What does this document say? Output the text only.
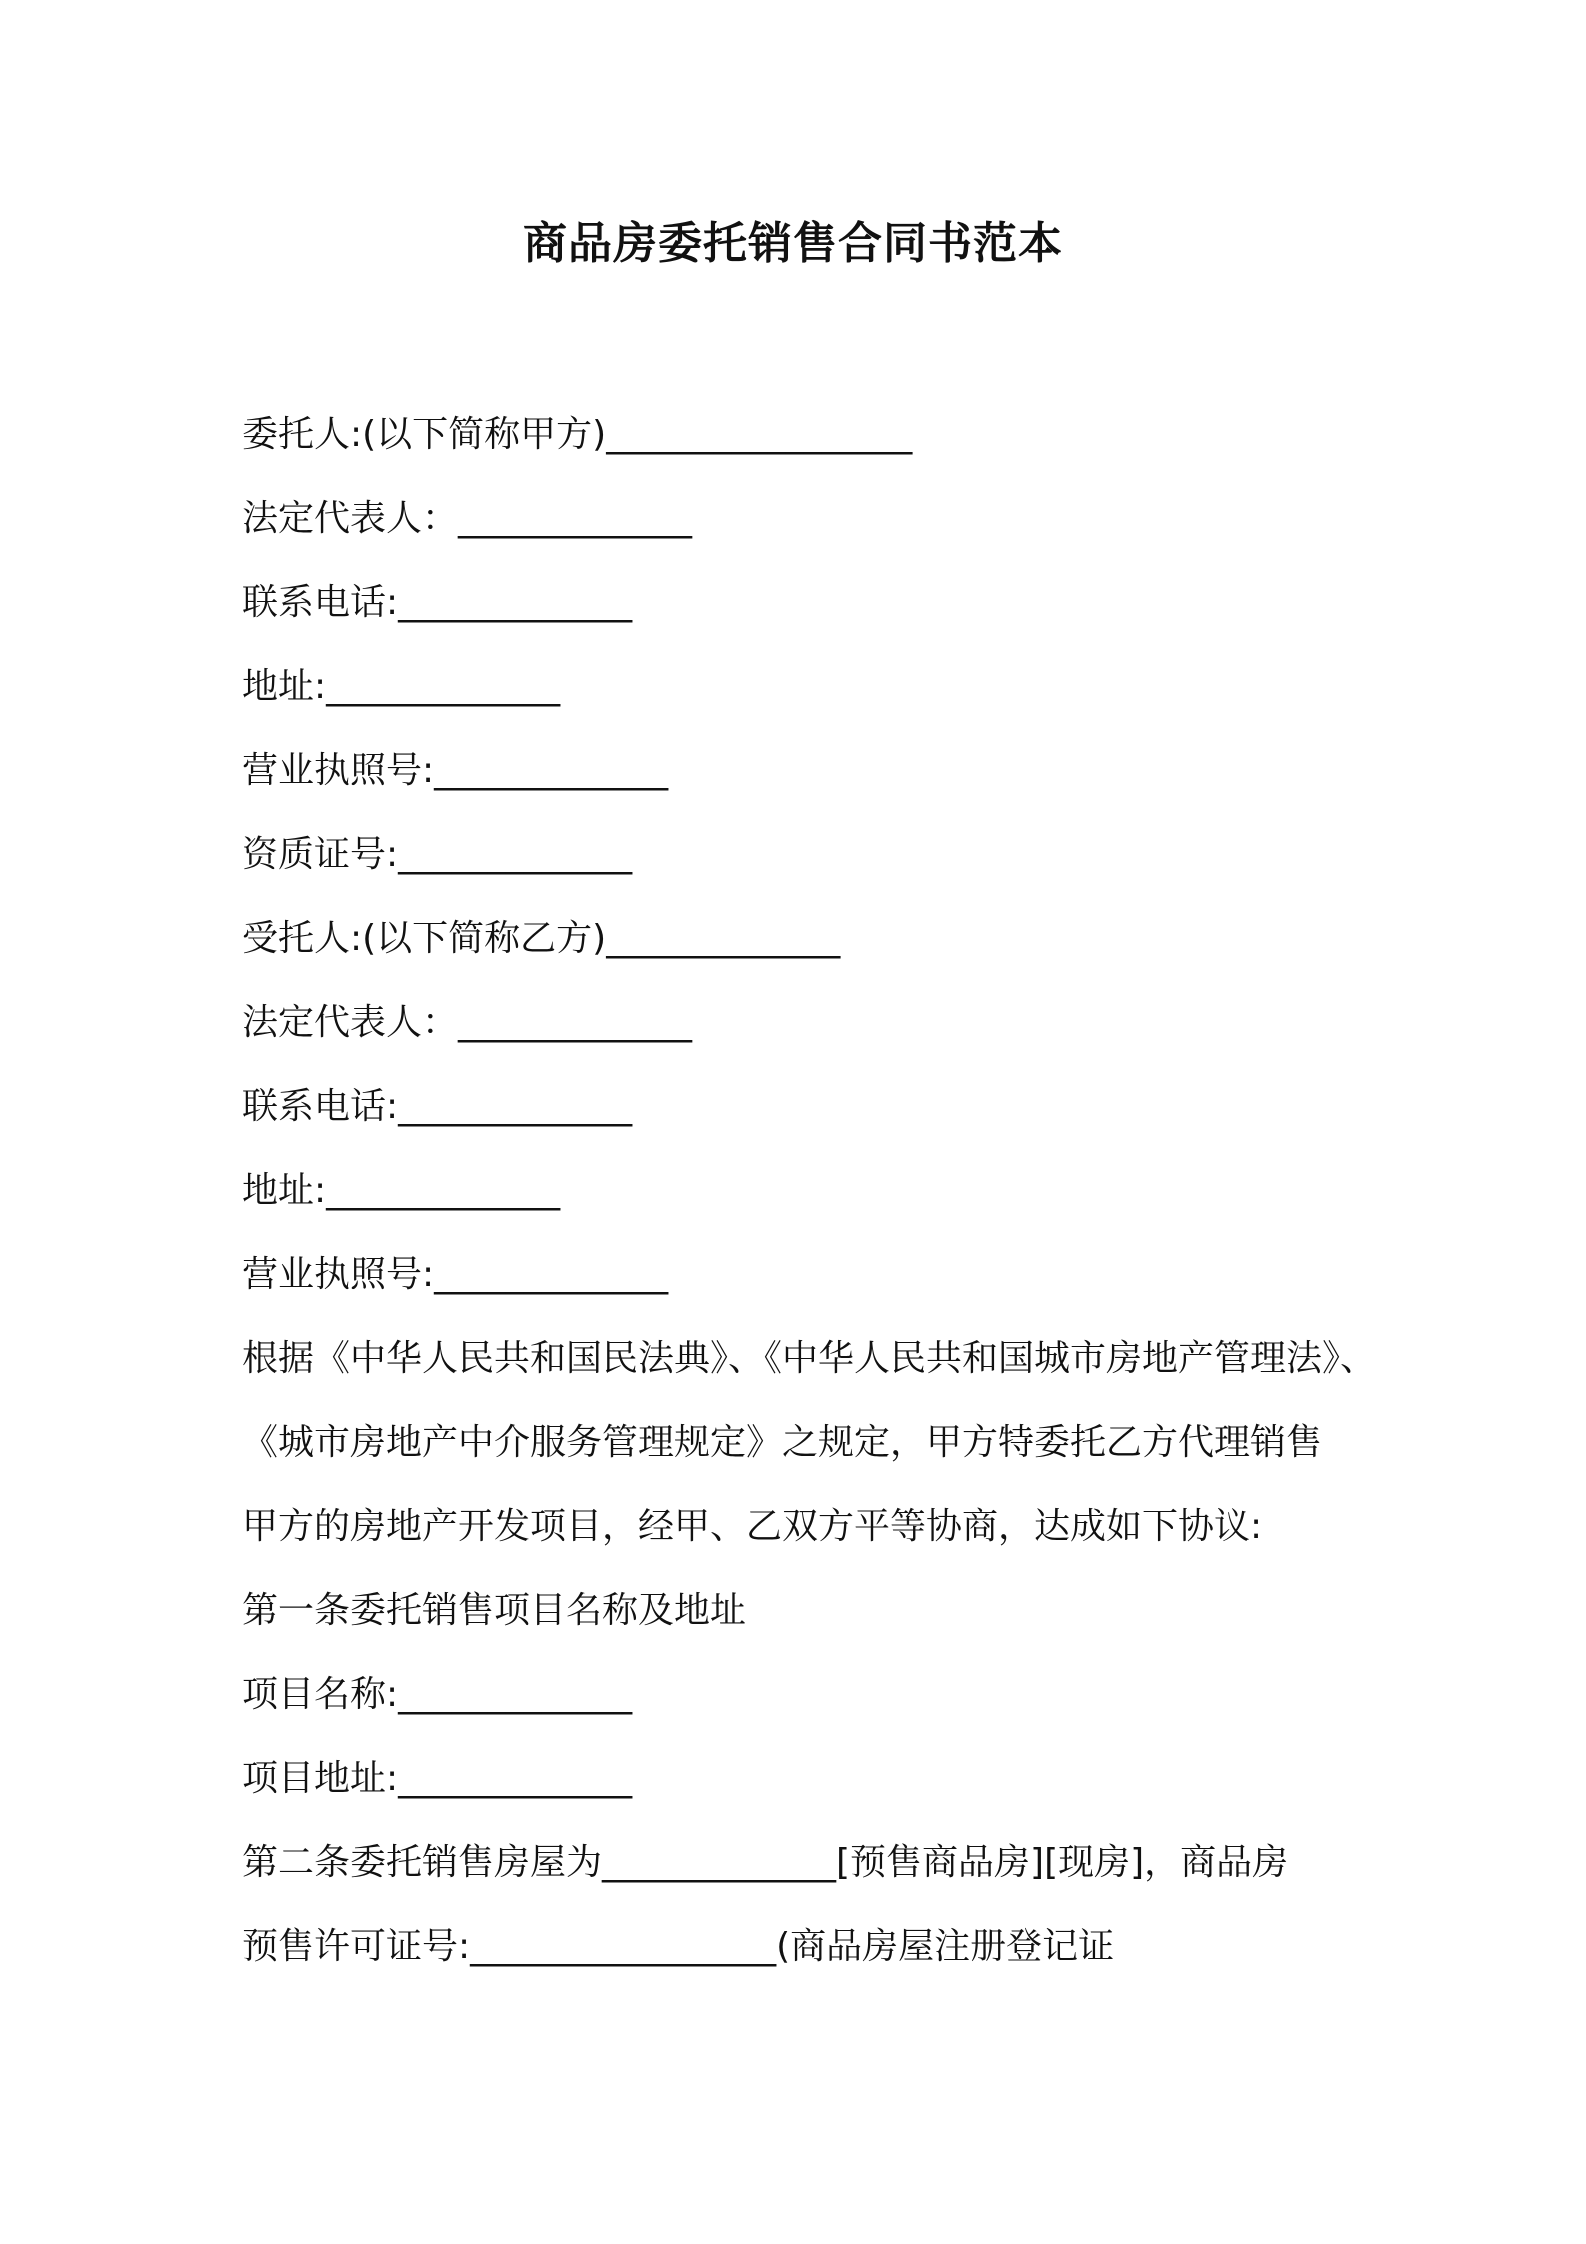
商品房委托销售合同书范本
委托人:(以下简称甲方)_________________
法定代表人：_____________
联系电话:_____________
地址:_____________
营业执照号:_____________
资质证号:_____________
受托人:(以下简称乙方)_____________
法定代表人：_____________
联系电话:_____________
地址:_____________
营业执照号:_____________
根据《中华人民共和国民法典》、《中华人民共和国城市房地产管理法》、
《城市房地产中介服务管理规定》之规定，甲方特委托乙方代理销售
甲方的房地产开发项目，经甲、乙双方平等协商，达成如下协议:
第一条委托销售项目名称及地址
项目名称:_____________
项目地址:_____________
第二条委托销售房屋为_____________[预售商品房][现房]，商品房
预售许可证号:_________________(商品房屋注册登记证
